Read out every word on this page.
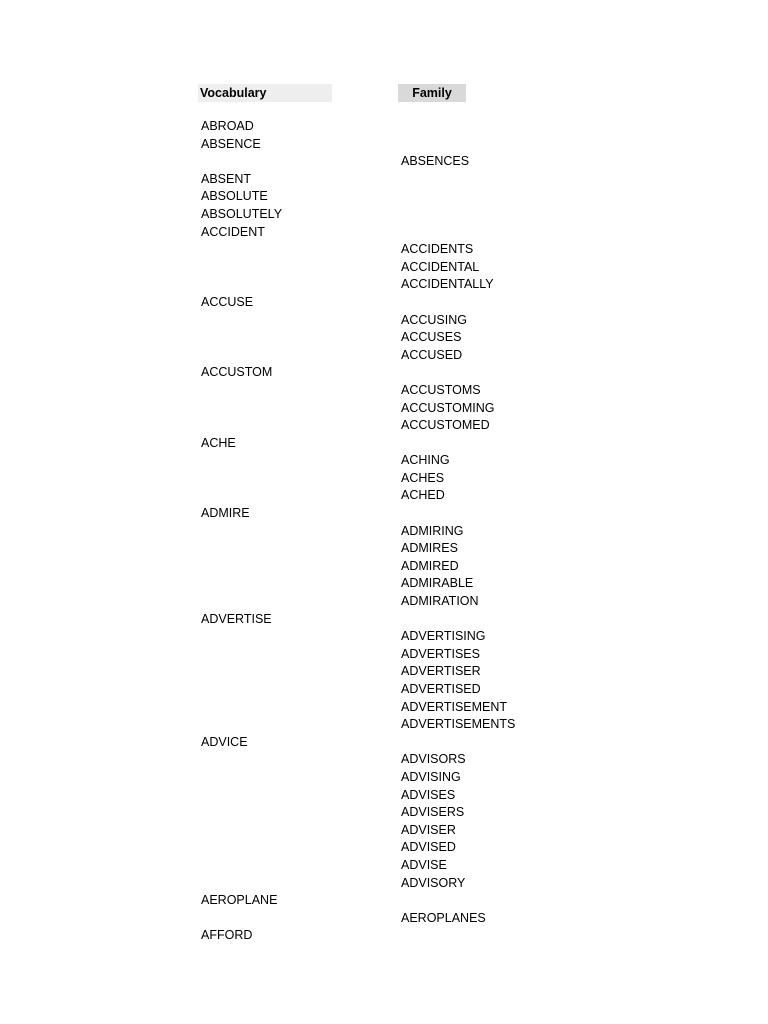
Vocabulary	Family
ABROAD
ABSENCE
ABSENCES
ABSENT
ABSOLUTE
ABSOLUTELY
ACCIDENT
ACCIDENTS
ACCIDENTAL
ACCIDENTALLY
ACCUSE
ACCUSING
ACCUSES
ACCUSED
ACCUSTOM
ACCUSTOMS
ACCUSTOMING
ACCUSTOMED
ACHE
ACHING
ACHES
ACHED
ADMIRE
ADMIRING
ADMIRES
ADMIRED
ADMIRABLE
ADMIRATION
ADVERTISE
ADVERTISING
ADVERTISES
ADVERTISER
ADVERTISED
ADVERTISEMENT
ADVERTISEMENTS
ADVICE
ADVISORS
ADVISING
ADVISES
ADVISERS
ADVISER
ADVISED
ADVISE
ADVISORY
AEROPLANE
AEROPLANES
AFFORD
